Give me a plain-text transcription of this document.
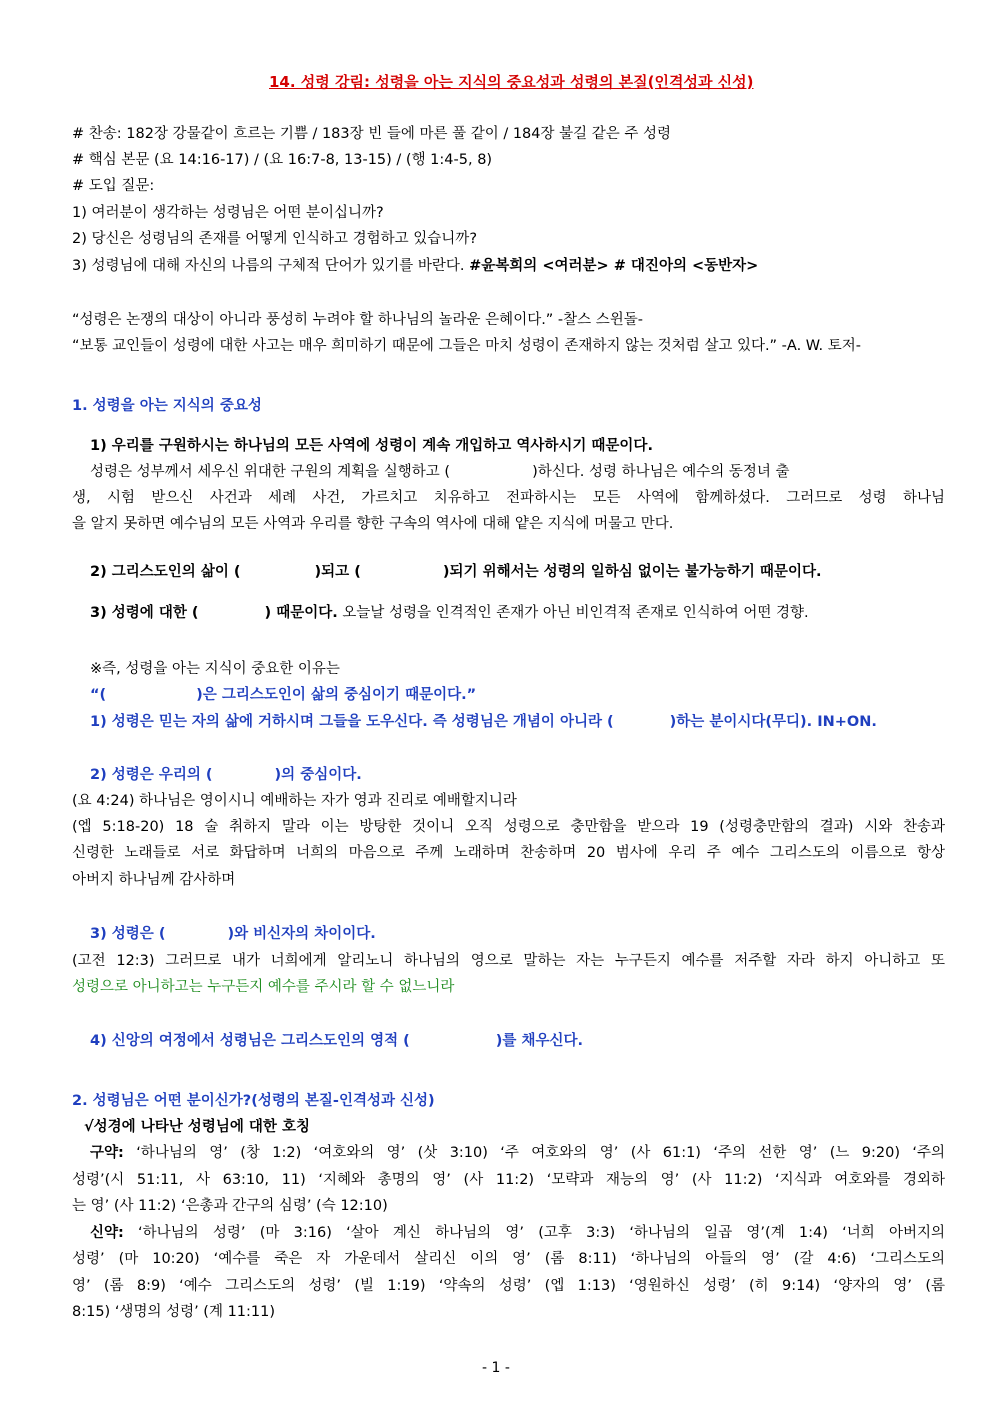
14. 성령 강림: 성령을 아는 지식의 중요성과 성령의 본질(인격성과 신성)
# 찬송: 182장 강물같이 흐르는 기쁨 / 183장 빈 들에 마른 풀 같이 / 184장 불길 같은 주 성령
# 핵심 본문 (요 14:16-17) / (요 16:7-8, 13-15) / (행 1:4-5, 8)
# 도입 질문:
1) 여러분이 생각하는 성령님은 어떤 분이십니까?
2) 당신은 성령님의 존재를 어떻게 인식하고 경험하고 있습니까?
3) 성령님에 대해 자신의 나름의 구체적 단어가 있기를 바란다. #윤복희의 <여러분> # 대진아의 <동반자>
“성령은 논쟁의 대상이 아니라 풍성히 누려야 할 하나님의 놀라운 은혜이다.” -찰스 스윈돌-
“보통 교인들이 성령에 대한 사고는 매우 희미하기 때문에 그들은 마치 성령이 존재하지 않는 것처럼 살고 있다.” -A. W. 토저-
1. 성령을 아는 지식의 중요성
1) 우리를 구원하시는 하나님의 모든 사역에 성령이 계속 개입하고 역사하시기 때문이다.
성령은 성부께서 세우신 위대한 구원의 계획을 실행하고 (	)하신다. 성령 하나님은 예수의 동정녀 출
생, 시험 받으신 사건과 세례 사건, 가르치고 치유하고 전파하시는 모든 사역에 함께하셨다. 그러므로 성령 하나님
을 알지 못하면 예수님의 모든 사역과 우리를 향한 구속의 역사에 대해 얕은 지식에 머물고 만다.
2) 그리스도인의 삶이 (	)되고 (	)되기 위해서는 성령의 일하심 없이는 불가능하기 때문이다.
3) 성령에 대한 (	) 때문이다. 오늘날 성령을 인격적인 존재가 아닌 비인격적 존재로 인식하여 어떤 경향.
※즉, 성령을 아는 지식이 중요한 이유는
“(	)은 그리스도인이 삶의 중심이기 때문이다.”
1) 성령은 믿는 자의 삶에 거하시며 그들을 도우신다. 즉 성령님은 개념이 아니라 (	)하는 분이시다(무디). IN+ON.
2) 성령은 우리의 (	)의 중심이다.
(요 4:24) 하나님은 영이시니 예배하는 자가 영과 진리로 예배할지니라
(엡 5:18-20) 18 술 취하지 말라 이는 방탕한 것이니 오직 성령으로 충만함을 받으라 19 (성령충만함의 결과) 시와 찬송과
신령한 노래들로 서로 화답하며 너희의 마음으로 주께 노래하며 찬송하며 20 범사에 우리 주 예수 그리스도의 이름으로 항상
아버지 하나님께 감사하며
3) 성령은 (	)와 비신자의 차이이다.
(고전 12:3) 그러므로 내가 너희에게 알리노니 하나님의 영으로 말하는 자는 누구든지 예수를 저주할 자라 하지 아니하고 또
성령으로 아니하고는 누구든지 예수를 주시라 할 수 없느니라
4) 신앙의 여정에서 성령님은 그리스도인의 영적 (	)를 채우신다.
2. 성령님은 어떤 분이신가?(성령의 본질-인격성과 신성)
√성경에 나타난 성령님에 대한 호칭
구약: ‘하나님의 영’ (창 1:2) ‘여호와의 영’ (삿 3:10) ‘주 여호와의 영’ (사 61:1) ‘주의 선한 영’ (느 9:20) ‘주의
성령’(시 51:11, 사 63:10, 11) ‘지혜와 총명의 영’ (사 11:2) ‘모략과 재능의 영’ (사 11:2) ‘지식과 여호와를 경외하
는 영’ (사 11:2) ‘은총과 간구의 심령’ (슥 12:10)
신약: ‘하나님의 성령’ (마 3:16) ‘살아 계신 하나님의 영’ (고후 3:3) ‘하나님의 일곱 영’(계 1:4) ‘너희 아버지의
성령’ (마 10:20) ‘예수를 죽은 자 가운데서 살리신 이의 영’ (롬 8:11) ‘하나님의 아들의 영’ (갈 4:6) ‘그리스도의
영’ (롬 8:9) ‘예수 그리스도의 성령’ (빌 1:19) ‘약속의 성령’ (엡 1:13) ‘영원하신 성령’ (히 9:14) ‘양자의 영’ (롬
8:15) ‘생명의 성령’ (계 11:11)
- 1 -
